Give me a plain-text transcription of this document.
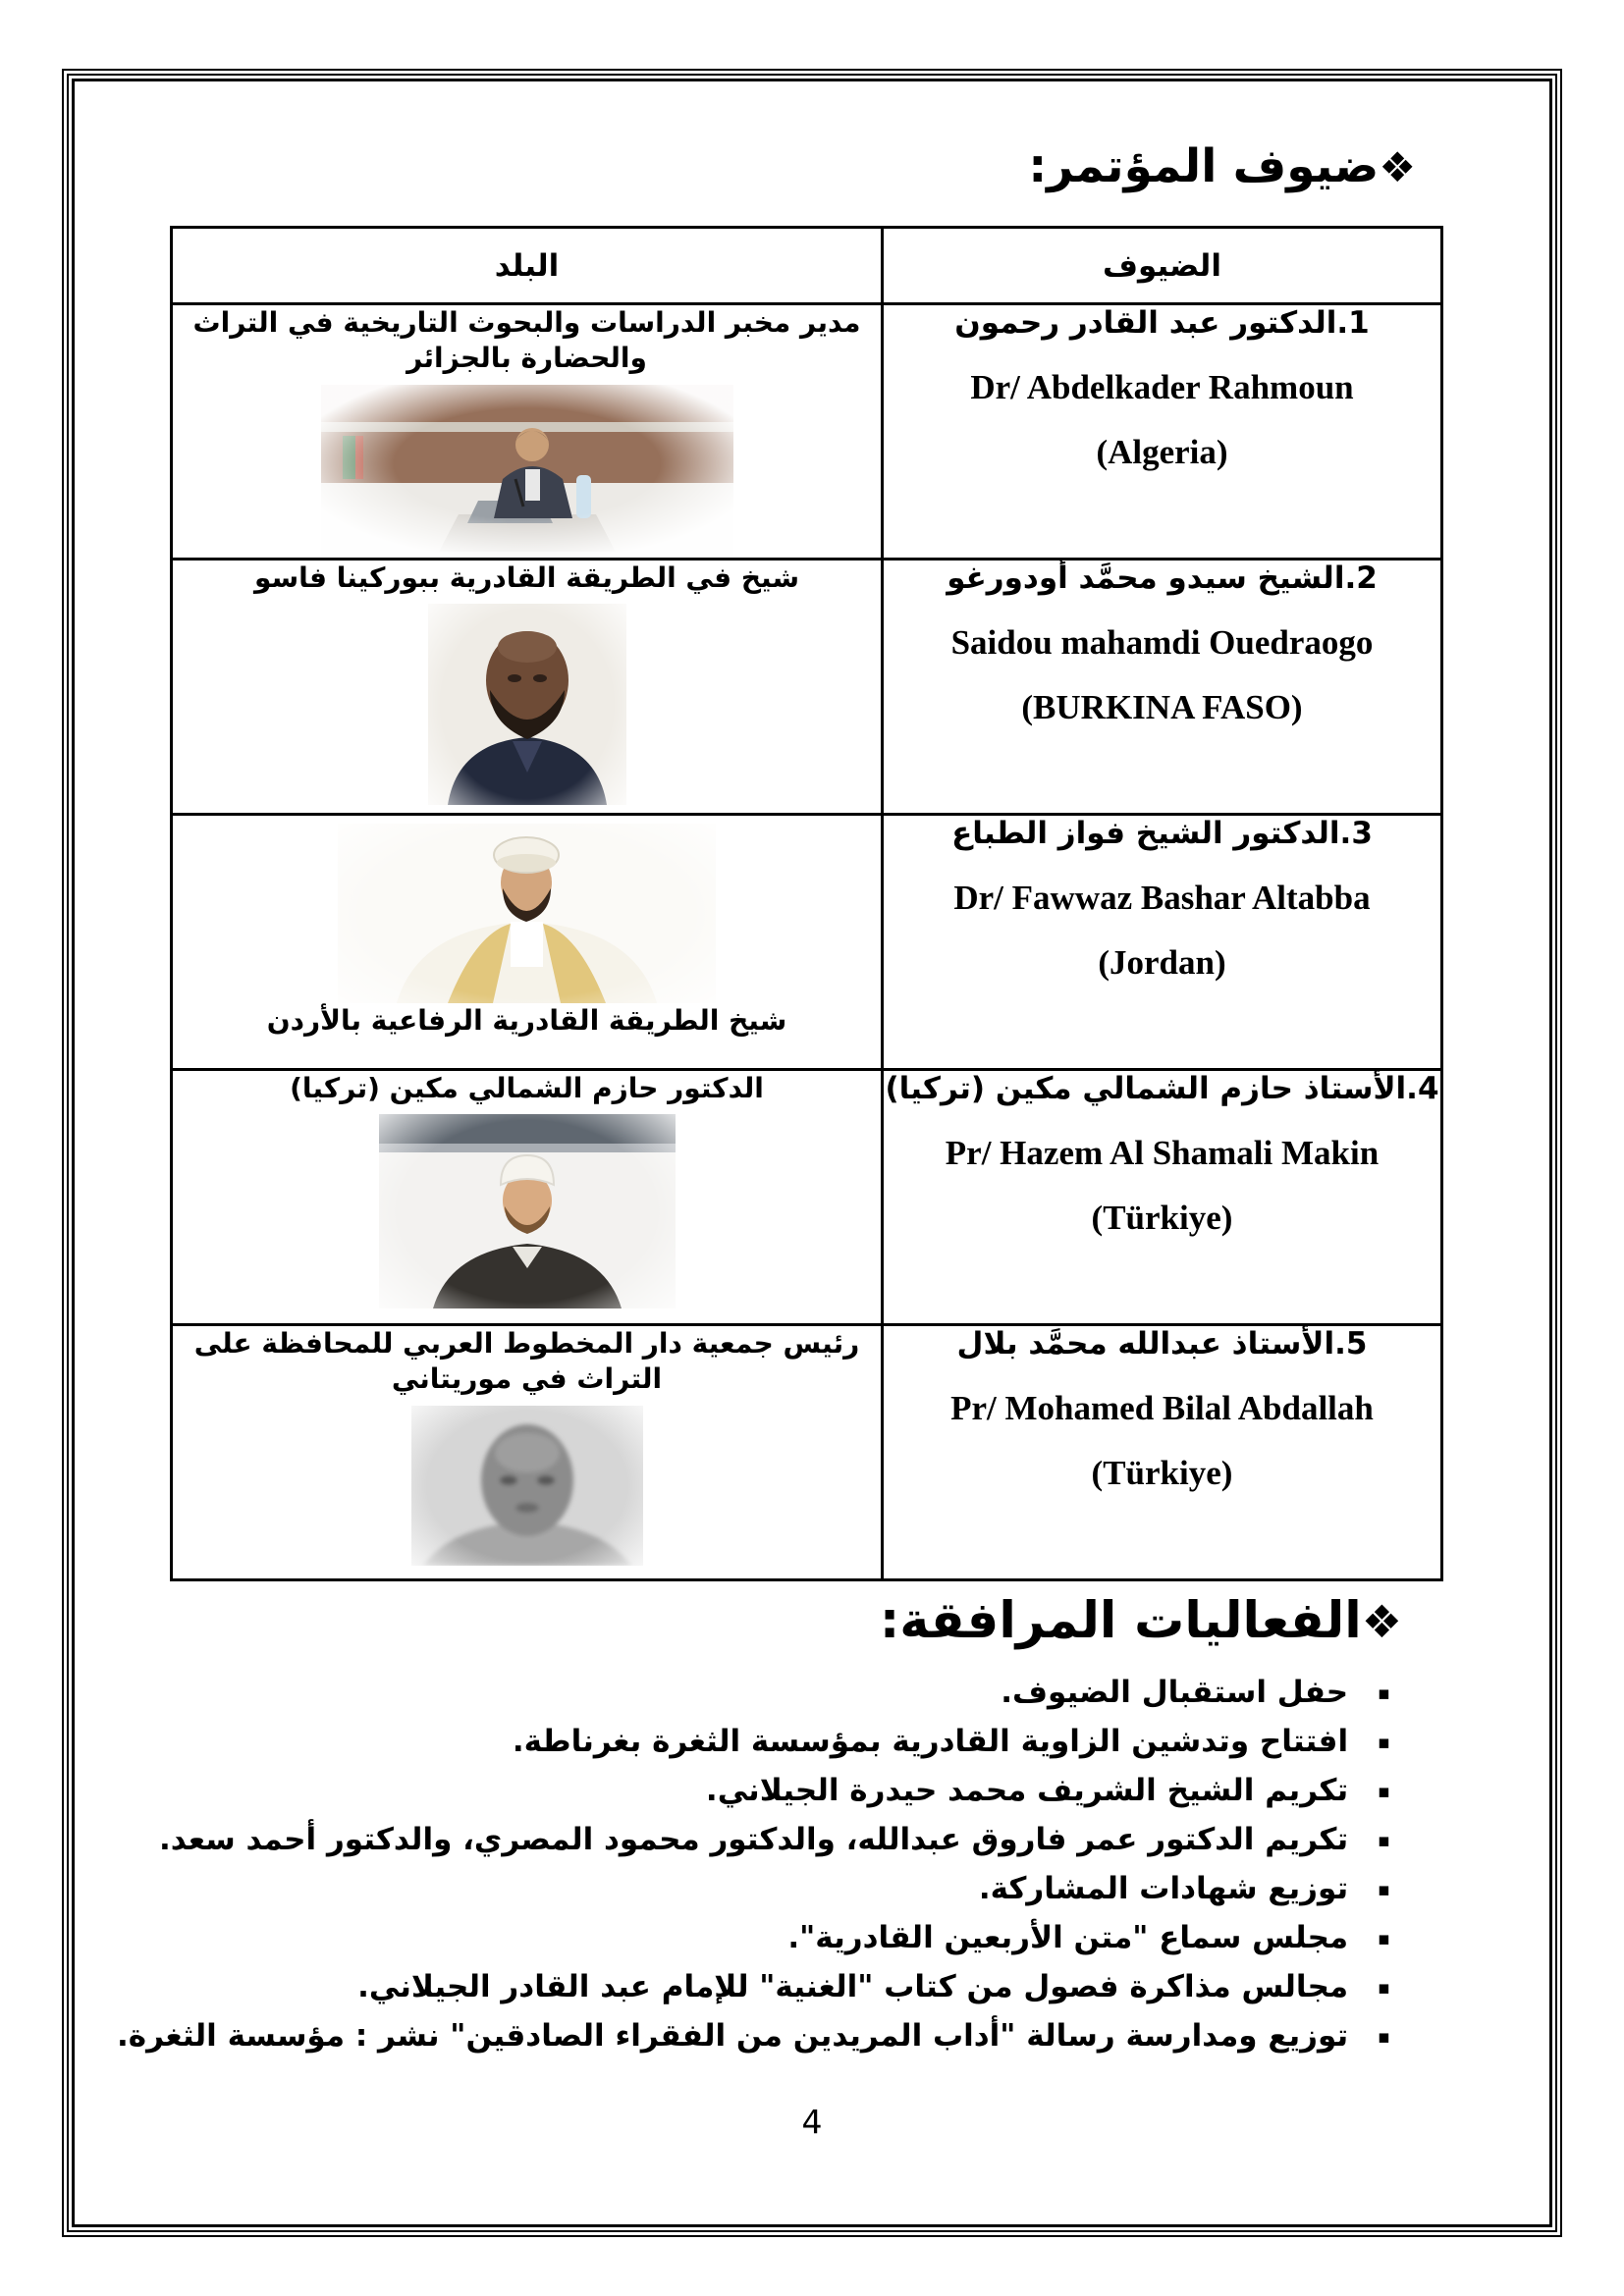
❖ضيوف المؤتمر:
الضيوف	البلد

1.الدكتور عبد القادر رحمون
Dr/ Abdelkader Rahmoun
(Algeria)	مدير مخبر الدراسات والبحوث التاريخية في التراث والحضارة بالجزائر

2.الشيخ سيدو محمَّد أودورغو
Saidou mahamdi Ouedraogo
(BURKINA FASO)	شيخ في الطريقة القادرية ببوركينا فاسو

3.الدكتور الشيخ فواز الطباع
Dr/ Fawwaz Bashar Altabba
(Jordan)	شيخ الطريقة القادرية الرفاعية بالأردن

4.الأستاذ حازم الشمالي مكين (تركيا)
Pr/ Hazem Al Shamali Makin
(Türkiye)	الدكتور حازم الشمالي مكين (تركيا)

5.الأستاذ عبدالله محمَّد بلال
Pr/ Mohamed Bilal Abdallah
(Türkiye)	رئيس جمعية دار المخطوط العربي للمحافظة على التراث في موريتاني
❖الفعاليات المرافقة:
▪حفل استقبال الضيوف.
▪افتتاح وتدشين الزاوية القادرية بمؤسسة الثغرة بغرناطة.
▪تكريم الشيخ الشريف محمد حيدرة الجيلاني.
▪تكريم الدكتور عمر فاروق عبدالله، والدكتور محمود المصري، والدكتور أحمد سعد.
▪توزيع شهادات المشاركة.
▪مجلس سماع "متن الأربعين القادرية".
▪مجالس مذاكرة فصول من كتاب "الغنية" للإمام عبد القادر الجيلاني.
▪توزيع ومدارسة رسالة "أداب المريدين من الفقراء الصادقين" نشر : مؤسسة الثغرة.
4
